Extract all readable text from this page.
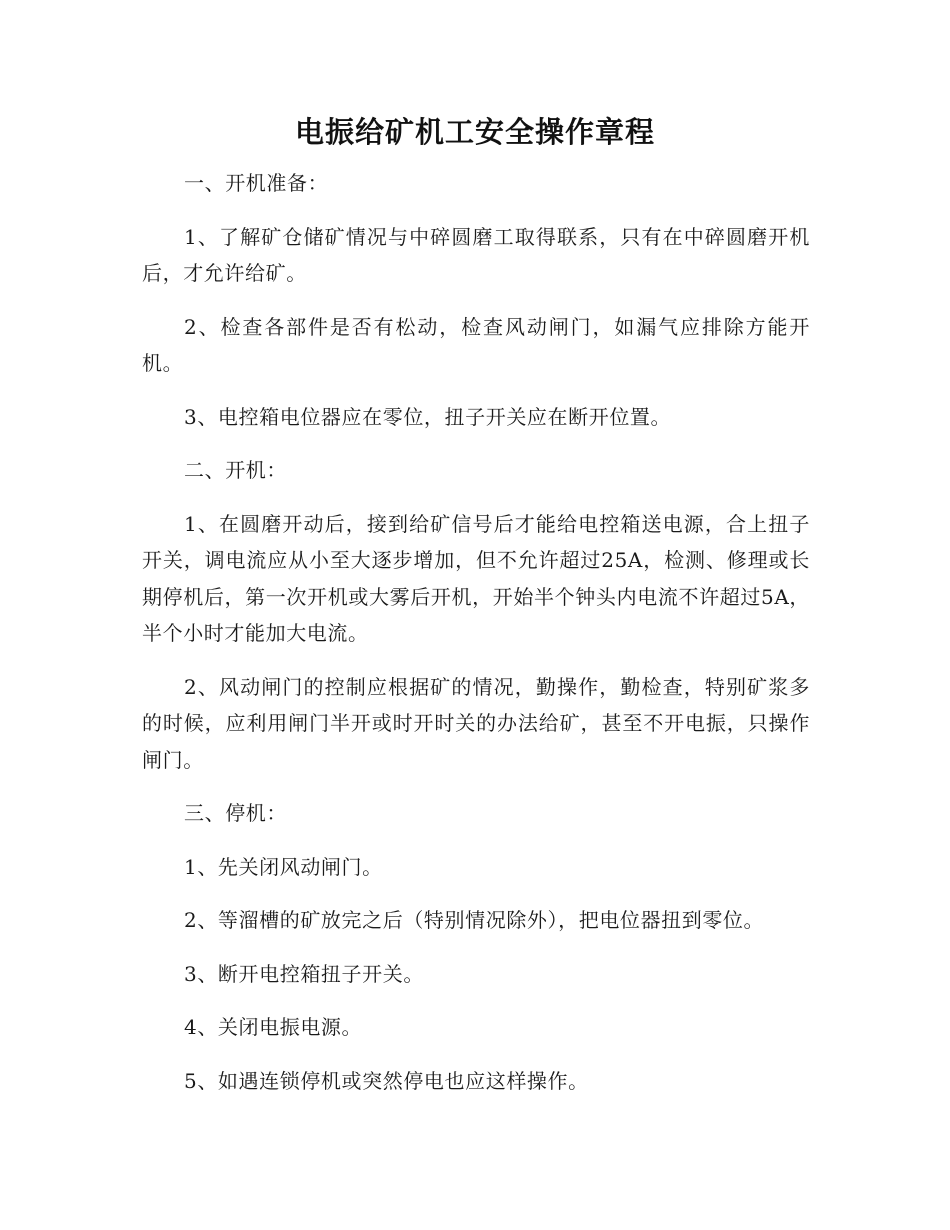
电振给矿机工安全操作章程

一、开机准备：

1、了解矿仓储矿情况与中碎圆磨工取得联系，只有在中碎圆磨开机后，才允许给矿。

2、检查各部件是否有松动，检查风动闸门，如漏气应排除方能开机。

3、电控箱电位器应在零位，扭子开关应在断开位置。

二、开机：

1、在圆磨开动后，接到给矿信号后才能给电控箱送电源，合上扭子开关，调电流应从小至大逐步增加，但不允许超过25A，检测、修理或长期停机后，第一次开机或大雾后开机，开始半个钟头内电流不许超过5A，半个小时才能加大电流。

2、风动闸门的控制应根据矿的情况，勤操作，勤检查，特别矿浆多的时候，应利用闸门半开或时开时关的办法给矿，甚至不开电振，只操作闸门。

三、停机：

1、先关闭风动闸门。

2、等溜槽的矿放完之后（特别情况除外），把电位器扭到零位。

3、断开电控箱扭子开关。

4、关闭电振电源。

5、如遇连锁停机或突然停电也应这样操作。
